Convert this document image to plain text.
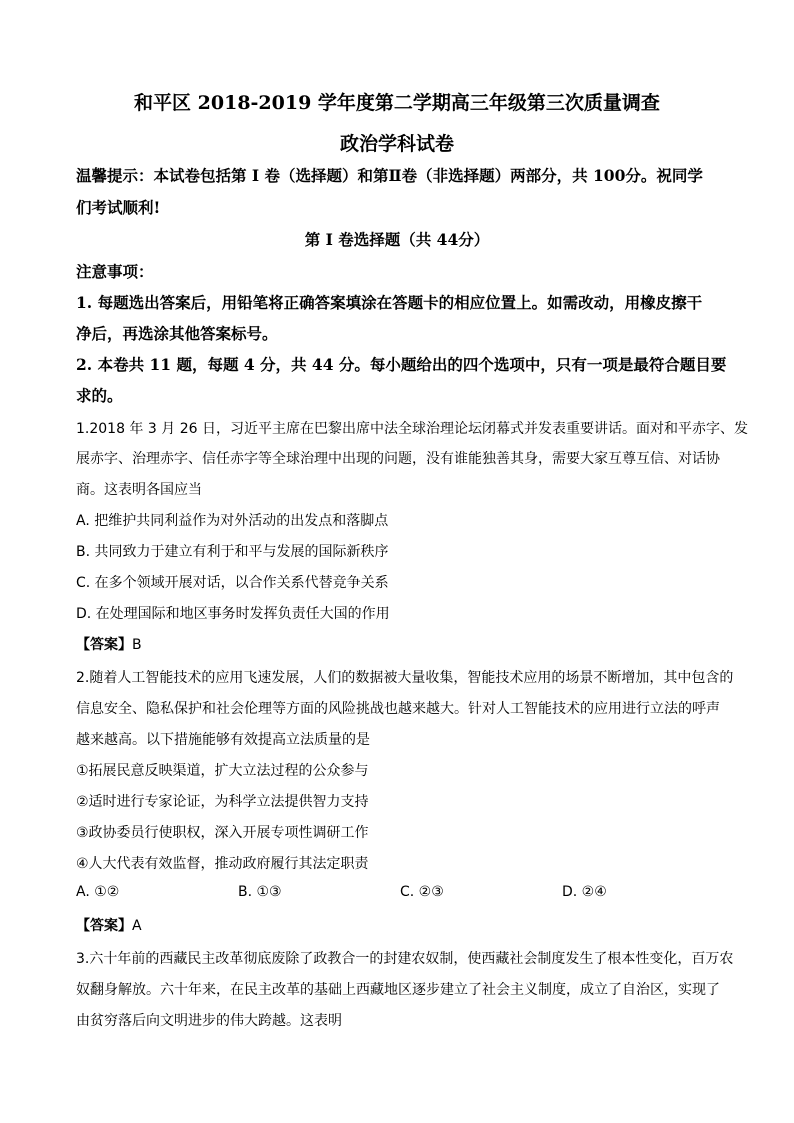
和平区 2018-2019 学年度第二学期高三年级第三次质量调查
政治学科试卷
温馨提示：本试卷包括第 I 卷（选择题）和第Ⅱ卷（非选择题）两部分，共 100分。祝同学
们考试顺利!
第 I 卷选择题（共 44分）
注意事项：
1. 每题选出答案后，用铅笔将正确答案填涂在答题卡的相应位置上。如需改动，用橡皮擦干
净后，再选涂其他答案标号。
2. 本卷共 11 题，每题 4 分，共 44 分。每小题给出的四个选项中，只有一项是最符合题目要
求的。
1.2018 年 3 月 26 日，习近平主席在巴黎出席中法全球治理论坛闭幕式并发表重要讲话。面对和平赤字、发
展赤字、治理赤字、信任赤字等全球治理中出现的问题，没有谁能独善其身，需要大家互尊互信、对话协
商。这表明各国应当
A. 把维护共同利益作为对外活动的出发点和落脚点
B. 共同致力于建立有利于和平与发展的国际新秩序
C. 在多个领域开展对话，以合作关系代替竞争关系
D. 在处理国际和地区事务时发挥负责任大国的作用
【答案】B
2.随着人工智能技术的应用飞速发展，人们的数据被大量收集，智能技术应用的场景不断增加，其中包含的
信息安全、隐私保护和社会伦理等方面的风险挑战也越来越大。针对人工智能技术的应用进行立法的呼声
越来越高。以下措施能够有效提高立法质量的是
①拓展民意反映渠道，扩大立法过程的公众参与
②适时进行专家论证，为科学立法提供智力支持
③政协委员行使职权，深入开展专项性调研工作
④人大代表有效监督，推动政府履行其法定职责
A. ①②	B. ①③	C. ②③	D. ②④
【答案】A
3.六十年前的西藏民主改革彻底废除了政教合一的封建农奴制，使西藏社会制度发生了根本性变化，百万农
奴翻身解放。六十年来，在民主改革的基础上西藏地区逐步建立了社会主义制度，成立了自治区，实现了
由贫穷落后向文明进步的伟大跨越。这表明
